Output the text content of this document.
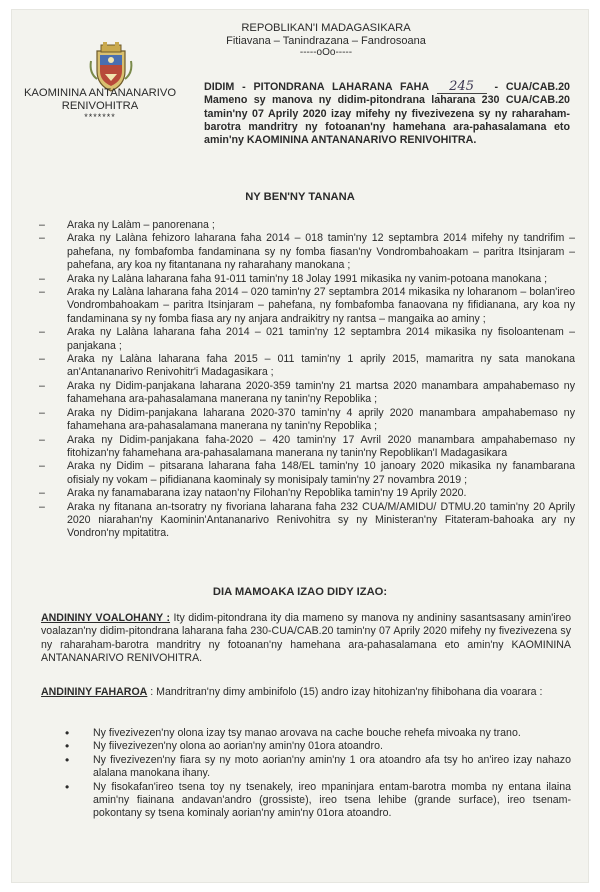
REPOBLIKAN'I MADAGASIKARA
Fitiavana – Tanindrazana – Fandrosoana
-----oOo-----
KAOMININA ANTANANARIVO
RENIVOHITRA
*******
DIDIM - PITONDRANA LAHARANA FAHA 245 - CUA/CAB.20 Mameno sy manova ny didim-pitondrana laharana 230 CUA/CAB.20 tamin'ny 07 Aprily 2020 izay mifehy ny fivezivezena sy ny raharaham-barotra mandritry ny fotoanan'ny hamehana ara-pahasalamana eto amin'ny KAOMININA ANTANANARIVO RENIVOHITRA.
NY BEN'NY TANANA
– Araka ny Lalàm – panorenana ;
– Araka ny Lalàna fehizoro laharana faha 2014 – 018 tamin'ny 12 septambra 2014 mifehy ny tandrifim – pahefana, ny fombafomba fandaminana sy ny fomba fiasan'ny Vondrombahoakam – paritra Itsinjaram – pahefana, ary koa ny fitantanana ny raharahany manokana ;
– Araka ny Lalàna laharana faha 91-011 tamin'ny 18 Jolay 1991 mikasika ny vanim-potoana manokana ;
– Araka ny Lalàna laharana faha 2014 – 020 tamin'ny 27 septambra 2014 mikasika ny loharanom – bolan'ireo Vondrombahoakam – paritra Itsinjaram – pahefana, ny fombafomba fanaovana ny fifidianana, ary koa ny fandaminana sy ny fomba fiasa ary ny anjara andraikitry ny rantsa – mangaika ao aminy ;
– Araka ny Lalàna laharana faha 2014 – 021 tamin'ny 12 septambra 2014 mikasika ny fisoloantenam – panjakana ;
– Araka ny Lalàna laharana faha 2015 – 011 tamin'ny 1 aprily 2015, mamaritra ny sata manokana an'Antananarivo Renivohitr'i Madagasikara ;
– Araka ny Didim-panjakana laharana 2020-359 tamin'ny 21 martsa 2020 manambara ampahabemaso ny fahamehana ara-pahasalamana manerana ny tanin'ny Repoblika ;
– Araka ny Didim-panjakana laharana 2020-370 tamin'ny 4 aprily 2020 manambara ampahabemaso ny fahamehana ara-pahasalamana manerana ny tanin'ny Repoblika ;
– Araka ny Didim-panjakana faha-2020 – 420 tamin'ny 17 Avril 2020 manambara ampahabemaso ny fitohizan'ny fahamehana ara-pahasalamana manerana ny tanin'ny Repoblikan'I Madagasikara
– Araka ny Didim – pitsarana laharana faha 148/EL tamin'ny 10 janoary 2020 mikasika ny fanambarana ofisialy ny vokam – pifidianana kaominaly sy monisipaly tamin'ny 27 novambra 2019 ;
– Araka ny fanamabarana izay nataon'ny Filohan'ny Repoblika tamin'ny 19 Aprily 2020.
– Araka ny fitanana an-tsoratry ny fivoriana laharana faha 232 CUA/M/AMIDU/ DTMU.20 tamin'ny 20 Aprily 2020 niarahan'ny Kaominin'Antananarivo Renivohitra sy ny Ministeran'ny Fitateram-bahoaka ary ny Vondron'ny mpitatitra.
DIA MAMOAKA IZAO DIDY IZAO:
ANDININY VOALOHANY : Ity didim-pitondrana ity dia mameno sy manova ny andininy sasantsasany amin'ireo voalazan'ny didim-pitondrana laharana faha 230-CUA/CAB.20 tamin'ny 07 Aprily 2020 mifehy ny fivezivezena sy ny raharaham-barotra mandritry ny fotoanan'ny hamehana ara-pahasalamana eto amin'ny KAOMININA ANTANANARIVO RENIVOHITRA.
ANDININY FAHAROA : Mandritran'ny dimy ambinifolo (15) andro izay hitohizan'ny fihibohana dia voarara :
• Ny fivezivezen'ny olona izay tsy manao arovava na cache bouche rehefa mivoaka ny trano.
• Ny fiivezivezen'ny olona ao aorian'ny amin'ny 01ora atoandro.
• Ny fivezivezen'ny fiara sy ny moto aorian'ny amin'ny 1 ora atoandro afa tsy ho an'ireo izay nahazo alalana manokana ihany.
• Ny fisokafan'ireo tsena toy ny tsenakely, ireo mpaninjara entam-barotra momba ny entana ilaina amin'ny fiainana andavan'andro (grossiste), ireo tsena lehibe (grande surface), ireo tsenam-pokontany sy tsena kominaly aorian'ny amin'ny 01ora atoandro.
